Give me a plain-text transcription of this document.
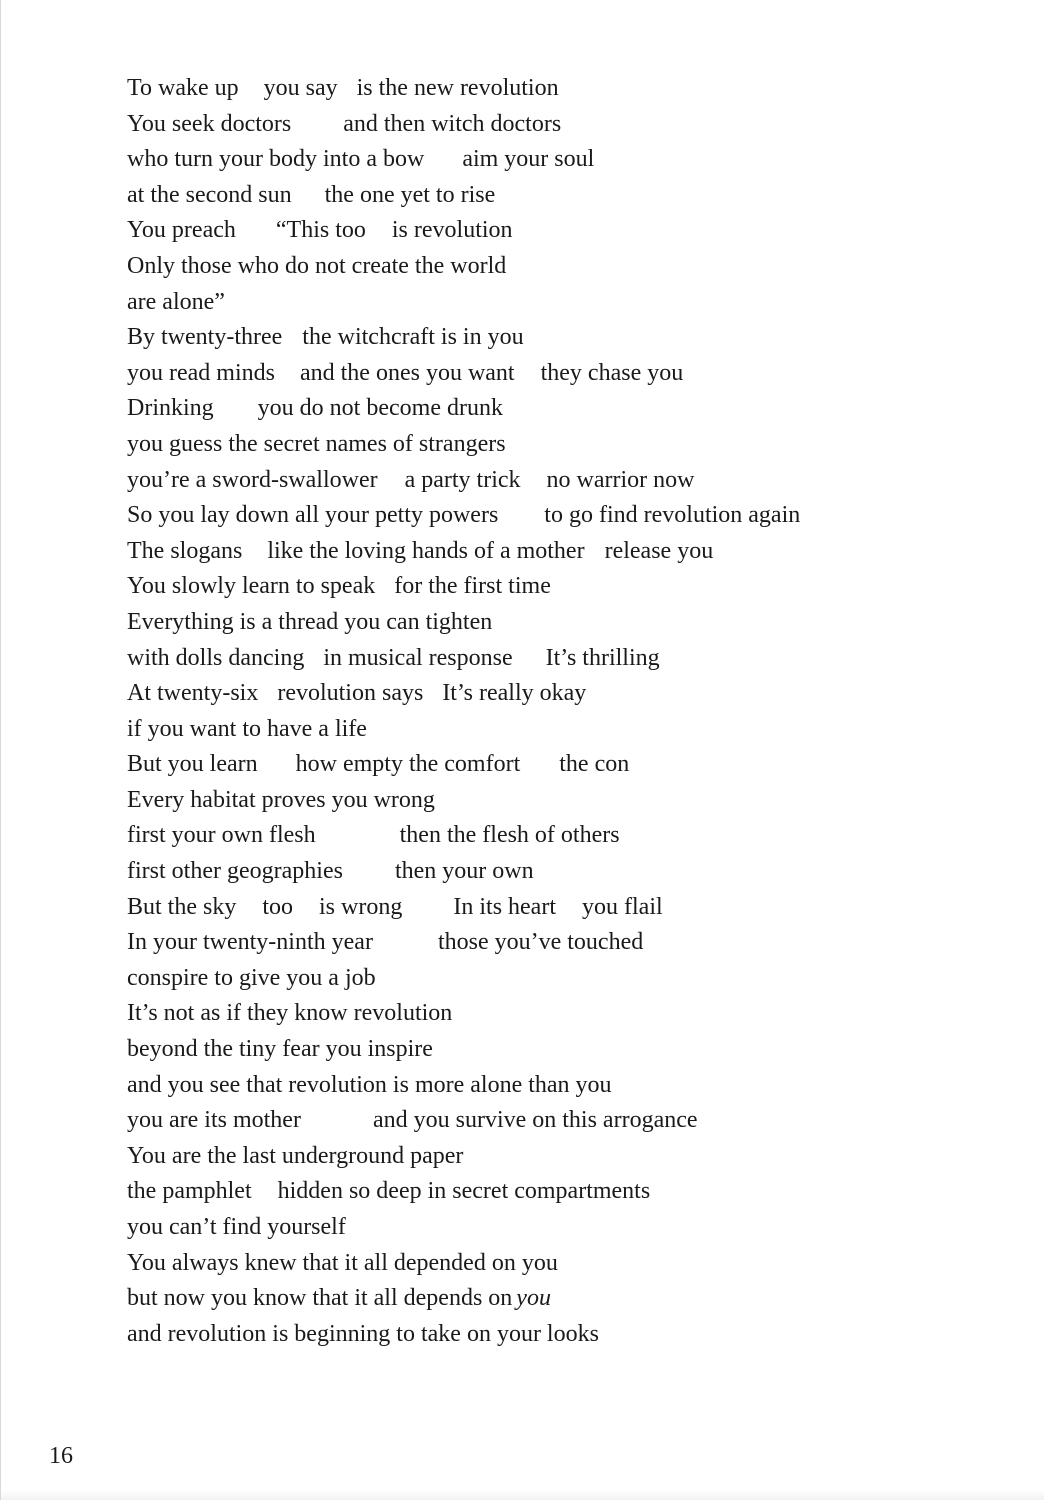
To wake up you say is the new revolution
You seek doctors and then witch doctors
who turn your body into a bow aim your soul
at the second sun the one yet to rise
You preach “This too is revolution
Only those who do not create the world
are alone”
By twenty-three the witchcraft is in you
you read minds and the ones you want they chase you
Drinking you do not become drunk
you guess the secret names of strangers
you’re a sword-swallower a party trick no warrior now
So you lay down all your petty powers to go find revolution again
The slogans like the loving hands of a mother release you
You slowly learn to speak for the first time
Everything is a thread you can tighten
with dolls dancing in musical response It’s thrilling
At twenty-six revolution says It’s really okay
if you want to have a life
But you learn how empty the comfort the con
Every habitat proves you wrong
first your own flesh	then the flesh of others
first other geographies then your own
But the sky too is wrong In its heart you flail
In your twenty-ninth year	those you’ve touched
conspire to give you a job
It’s not as if they know revolution
beyond the tiny fear you inspire
and you see that revolution is more alone than you
you are its mother	and you survive on this arrogance
You are the last underground paper
the pamphlet hidden so deep in secret compartments
you can’t find yourself
You always knew that it all depended on you
but now you know that it all depends on you
and revolution is beginning to take on your looks
16
